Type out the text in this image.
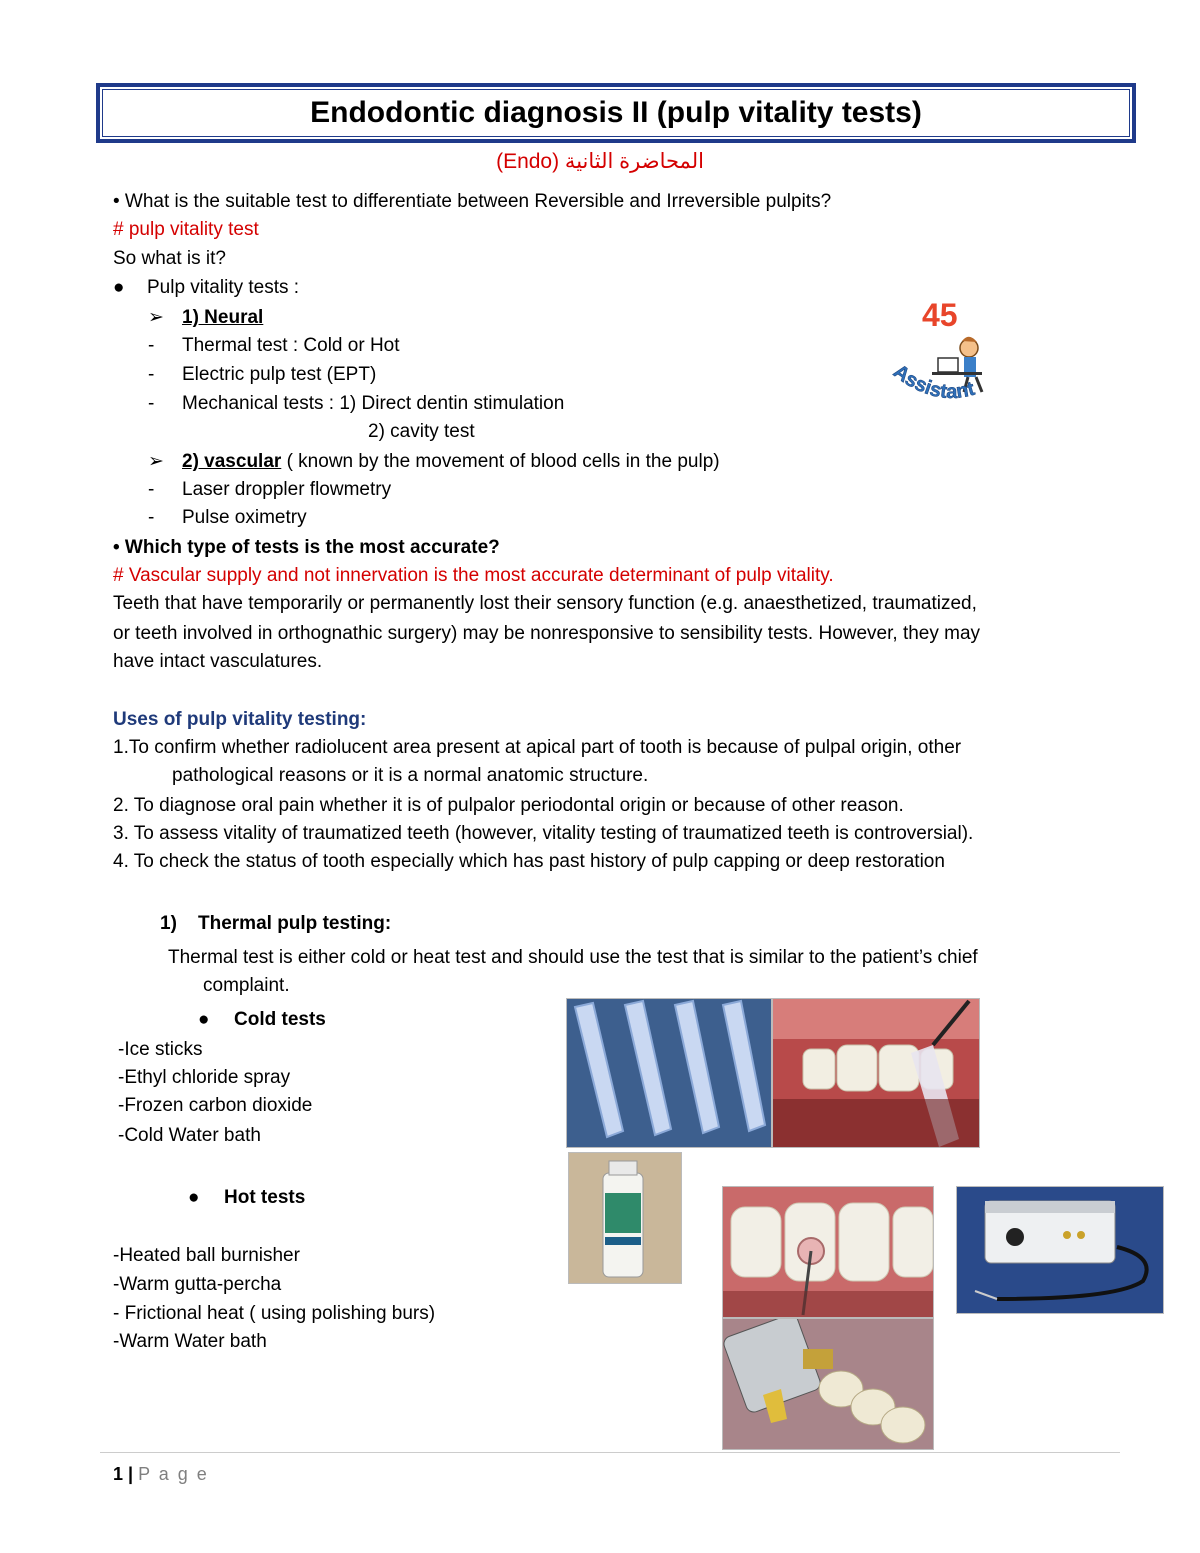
Endodontic diagnosis II (pulp vitality tests)
المحاضرة الثانية (Endo)
• What is the suitable test to differentiate between Reversible and Irreversible pulpits?
# pulp vitality test
So what is it?
● Pulp vitality tests :
➢ 1) Neural
- Thermal test : Cold or Hot
- Electric pulp test (EPT)
- Mechanical tests : 1) Direct dentin stimulation
2) cavity test
➢ 2) vascular ( known by the movement of blood cells in the pulp)
- Laser droppler flowmetry
- Pulse oximetry
45
Assistant
• Which type of tests is the most accurate?
# Vascular supply and not innervation is the most accurate determinant of pulp vitality.
Teeth that have temporarily or permanently lost their sensory function (e.g. anaesthetized, traumatized,
or teeth involved in orthognathic surgery) may be nonresponsive to sensibility tests. However, they may
have intact vasculatures.
Uses of pulp vitality testing:
1.To confirm whether radiolucent area present at apical part of tooth is because of pulpal origin, other
pathological reasons or it is a normal anatomic structure.
2. To diagnose oral pain whether it is of pulpalor periodontal origin or because of other reason.
3. To assess vitality of traumatized teeth (however, vitality testing of traumatized teeth is controversial).
4. To check the status of tooth especially which has past history of pulp capping or deep restoration
1) Thermal pulp testing:
Thermal test is either cold or heat test and should use the test that is similar to the patient’s chief
complaint.
● Cold tests
-Ice sticks
-Ethyl chloride spray
-Frozen carbon dioxide
-Cold Water bath
● Hot tests
-Heated ball burnisher
-Warm gutta-percha
- Frictional heat ( using polishing burs)
-Warm Water bath
1 | P a g e
